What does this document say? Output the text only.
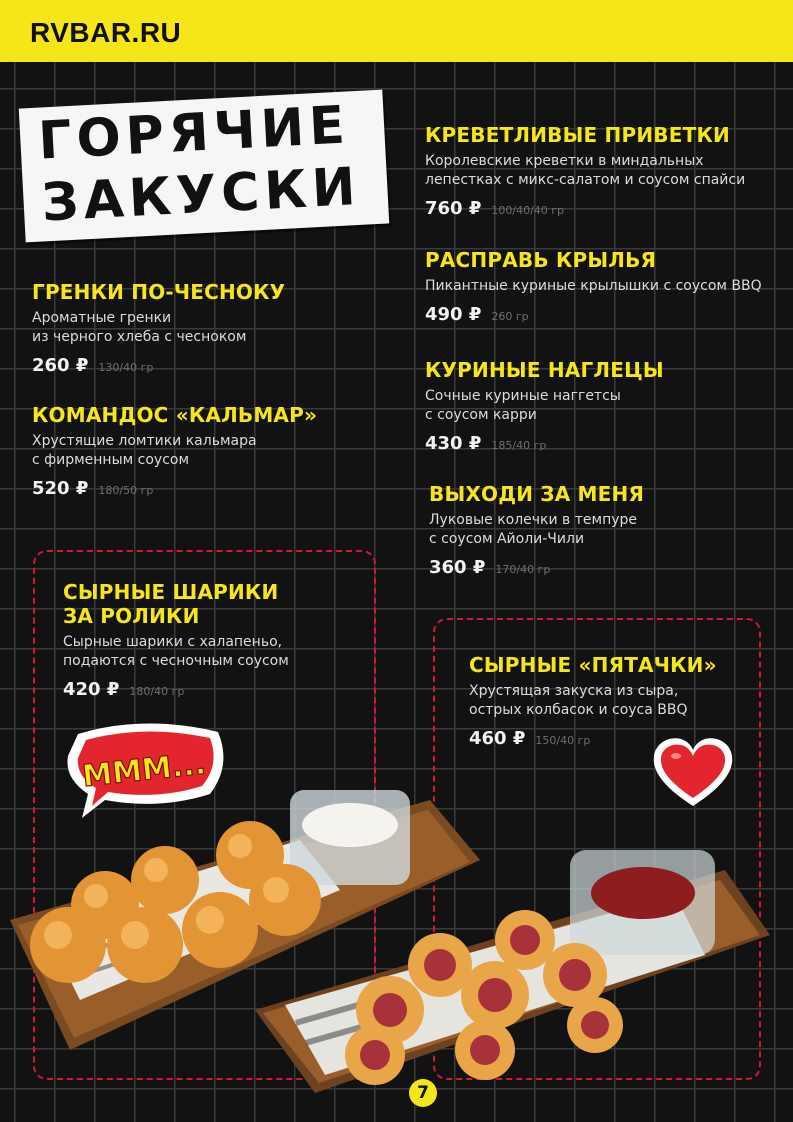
RVBAR.RU
ГОРЯЧИЕ
ЗАКУСКИ
ГРЕНКИ ПО-ЧЕСНОКУ
Ароматные гренки
из черного хлеба с чесноком
260 ₽ 130/40 гр
КОМАНДОС «КАЛЬМАР»
Хрустящие ломтики кальмара
с фирменным соусом
520 ₽ 180/50 гр
СЫРНЫЕ ШАРИКИ
ЗА РОЛИКИ
Сырные шарики с халапеньо,
подаются с чесночным соусом
420 ₽ 180/40 гр
КРЕВЕТЛИВЫЕ ПРИВЕТКИ
Королевские креветки в миндальных
лепестках с микс-салатом и соусом спайси
760 ₽ 100/40/40 гр
РАСПРАВЬ КРЫЛЬЯ
Пикантные куриные крылышки с соусом BBQ
490 ₽ 260 гр
КУРИНЫЕ НАГЛЕЦЫ
Сочные куриные наггетсы
с соусом карри
430 ₽ 185/40 гр
ВЫХОДИ ЗА МЕНЯ
Луковые колечки в темпуре
с соусом Айоли-Чили
360 ₽ 170/40 гр
СЫРНЫЕ «ПЯТАЧКИ»
Хрустящая закуска из сыра,
острых колбасок и соуса BBQ
460 ₽ 150/40 гр
MMM...
7
